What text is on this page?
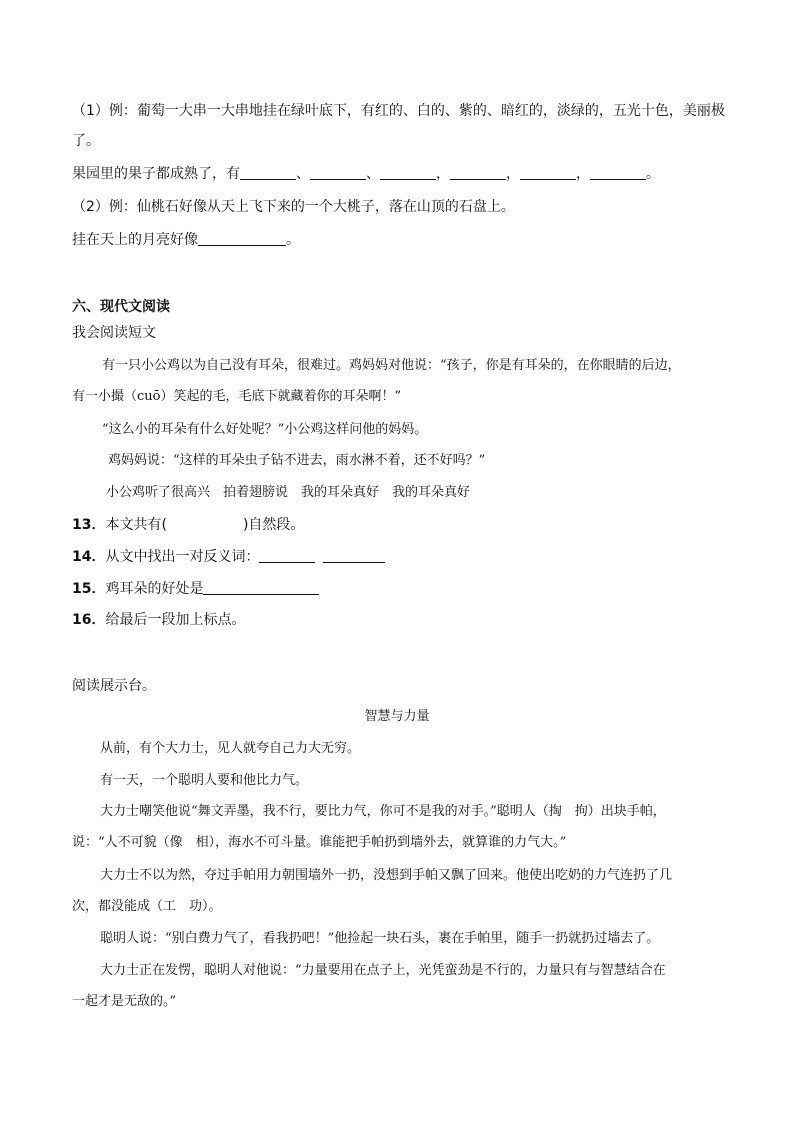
（1）例：葡萄一大串一大串地挂在绿叶底下，有红的、白的、紫的、暗红的，淡绿的，五光十色，美丽极
了。
果园里的果子都成熟了，有	、	、	，	，	，	。
（2）例：仙桃石好像从天上飞下来的一个大桃子，落在山顶的石盘上。
挂在天上的月亮好像	。
六、现代文阅读
我会阅读短文
有一只小公鸡以为自己没有耳朵，很难过。鸡妈妈对他说：“孩子，你是有耳朵的，在你眼睛的后边，
有一小撮（cuō）笑起的毛，毛底下就藏着你的耳朵啊！”
“这么小的耳朵有什么好处呢？”小公鸡这样问他的妈妈。
鸡妈妈说：“这样的耳朵虫子钻不进去，雨水淋不着，还不好吗？”
小公鸡听了很高兴　拍着翅膀说　我的耳朵真好　我的耳朵真好
13．本文共有(	)自然段。
14．从文中找出一对反义词：
15．鸡耳朵的好处是
16．给最后一段加上标点。
阅读展示台。
智慧与力量
从前，有个大力士，见人就夸自己力大无穷。
有一天，一个聪明人要和他比力气。
大力士嘲笑他说“舞文弄墨，我不行，要比力气，你可不是我的对手。”聪明人（掏　拘）出块手帕，
说：“人不可貌（像　相），海水不可斗量。谁能把手帕扔到墙外去，就算谁的力气大。”
大力士不以为然，夺过手帕用力朝围墙外一扔，没想到手帕又飘了回来。他使出吃奶的力气连扔了几
次，都没能成（工　功）。
聪明人说：“别白费力气了，看我扔吧！”他捡起一块石头，裹在手帕里，随手一扔就扔过墙去了。
大力士正在发愣，聪明人对他说：“力量要用在点子上，光凭蛮劲是不行的，力量只有与智慧结合在
一起才是无敌的。”
